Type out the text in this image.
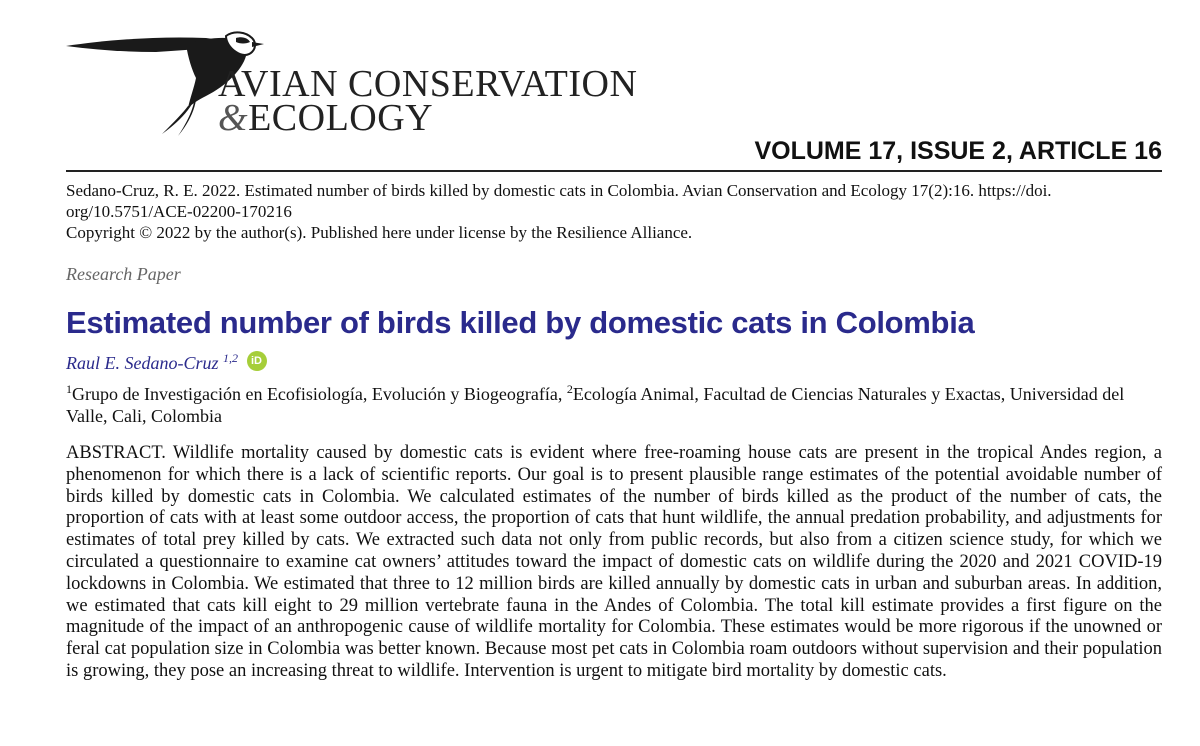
AVIAN CONSERVATION
&ECOLOGY
VOLUME 17, ISSUE 2, ARTICLE 16
Sedano-Cruz, R. E. 2022. Estimated number of birds killed by domestic cats in Colombia. Avian Conservation and Ecology 17(2):16. https://doi. org/10.5751/ACE-02200-170216
Copyright © 2022 by the author(s). Published here under license by the Resilience Alliance.
Research Paper
Estimated number of birds killed by domestic cats in Colombia
Raul E. Sedano-Cruz $^{1,2}$ iD
$^1$Grupo de Investigación en Ecofisiología, Evolución y Biogeografía, $^2$Ecología Animal, Facultad de Ciencias Naturales y Exactas, Universidad del Valle, Cali, Colombia
ABSTRACT. Wildlife mortality caused by domestic cats is evident where free-roaming house cats are present in the tropical Andes region, a phenomenon for which there is a lack of scientific reports. Our goal is to present plausible range estimates of the potential avoidable number of birds killed by domestic cats in Colombia. We calculated estimates of the number of birds killed as the product of the number of cats, the proportion of cats with at least some outdoor access, the proportion of cats that hunt wildlife, the annual predation probability, and adjustments for estimates of total prey killed by cats. We extracted such data not only from public records, but also from a citizen science study, for which we circulated a questionnaire to examine cat owners’ attitudes toward the impact of domestic cats on wildlife during the 2020 and 2021 COVID-19 lockdowns in Colombia. We estimated that three to 12 million birds are killed annually by domestic cats in urban and suburban areas. In addition, we estimated that cats kill eight to 29 million vertebrate fauna in the Andes of Colombia. The total kill estimate provides a first figure on the magnitude of the impact of an anthropogenic cause of wildlife mortality for Colombia. These estimates would be more rigorous if the unowned or feral cat population size in Colombia was better known. Because most pet cats in Colombia roam outdoors without supervision and their population is growing, they pose an increasing threat to wildlife. Intervention is urgent to mitigate bird mortality by domestic cats.
